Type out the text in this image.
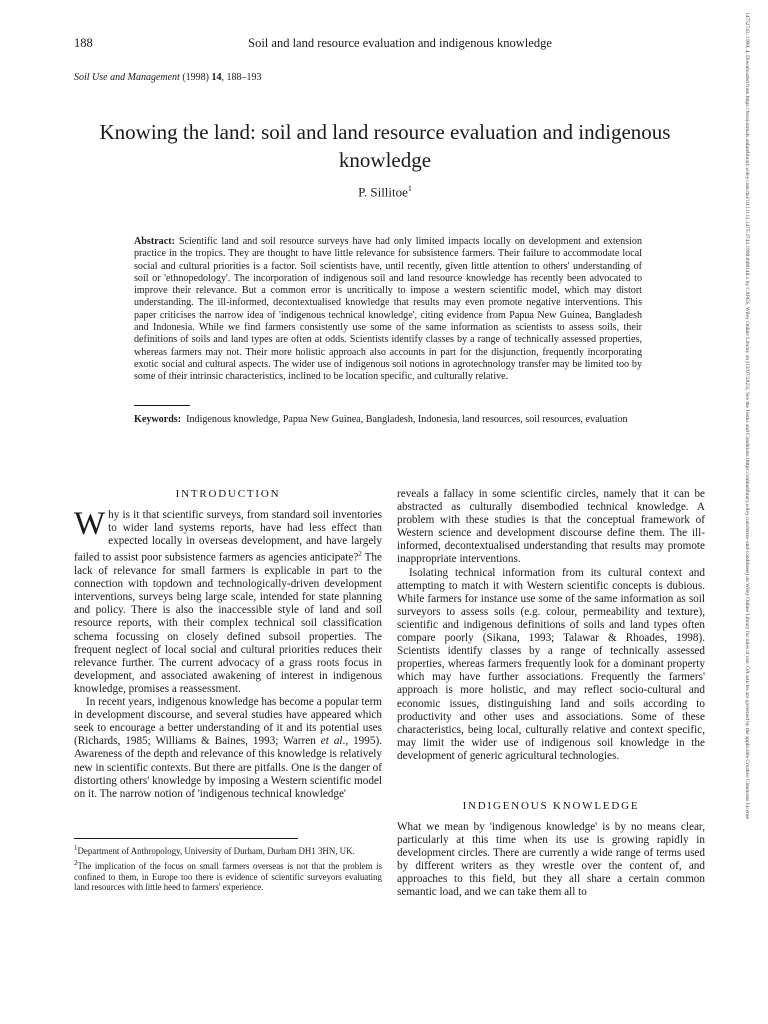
188	Soil and land resource evaluation and indigenous knowledge
Soil Use and Management (1998) 14, 188–193
Knowing the land: soil and land resource evaluation and indigenous knowledge
P. Sillitoe$^1$
Abstract: Scientific land and soil resource surveys have had only limited impacts locally on development and extension practice in the tropics. They are thought to have little relevance for subsistence farmers. Their failure to accommodate local social and cultural priorities is a factor. Soil scientists have, until recently, given little attention to others' understanding of soil or 'ethnopedology'. The incorporation of indigenous soil and land resource knowledge has recently been advocated to improve their relevance. But a common error is uncritically to impose a western scientific model, which may distort understanding. The ill-informed, decontextualised knowledge that results may even promote negative interventions. This paper criticises the narrow idea of 'indigenous technical knowledge', citing evidence from Papua New Guinea, Bangladesh and Indonesia. While we find farmers consistently use some of the same information as scientists to assess soils, their definitions of soils and land types are often at odds. Scientists identify classes by a range of technically assessed properties, whereas farmers may not. Their more holistic approach also accounts in part for the disjunction, frequently incorporating exotic social and cultural aspects. The wider use of indigenous soil notions in agrotechnology transfer may be limited too by some of their intrinsic characteristics, inclined to be location specific, and culturally relative.
Keywords: Indigenous knowledge, Papua New Guinea, Bangladesh, Indonesia, land resources, soil resources, evaluation
INTRODUCTION

Why is it that scientific surveys, from standard soil inventories to wider land systems reports, have had less effect than expected locally in overseas development, and have largely failed to assist poor subsistence farmers as agencies anticipate?$^2$ The lack of relevance for small farmers is explicable in part to the connection with topdown and technologically-driven development interventions, surveys being large scale, intended for state planning and policy. There is also the inaccessible style of land and soil resource reports, with their complex technical soil classification schema focussing on closely defined subsoil properties. The frequent neglect of local social and cultural priorities reduces their relevance further. The current advocacy of a grass roots focus in development, and associated awakening of interest in indigenous knowledge, promises a reassessment.

In recent years, indigenous knowledge has become a popular term in development discourse, and several studies have appeared which seek to encourage a better understanding of it and its potential uses (Richards, 1985; Williams & Baines, 1993; Warren et al., 1995). Awareness of the depth and relevance of this knowledge is relatively new in scientific contexts. But there are pitfalls. One is the danger of distorting others' knowledge by imposing a Western scientific model on it. The narrow notion of 'indigenous technical knowledge'

reveals a fallacy in some scientific circles, namely that it can be abstracted as culturally disembodied technical knowledge. A problem with these studies is that the conceptual framework of Western science and development discourse define them. The ill-informed, decontextualised understanding that results may promote inappropriate interventions.

Isolating technical information from its cultural context and attempting to match it with Western scientific concepts is dubious. While farmers for instance use some of the same information as soil surveyors to assess soils (e.g. colour, permeability and texture), scientific and indigenous definitions of soils and land types often compare poorly (Sikana, 1993; Talawar & Rhoades, 1998). Scientists identify classes by a range of technically assessed properties, whereas farmers frequently look for a dominant property which may have further associations. Frequently the farmers' approach is more holistic, and may reflect socio-cultural and economic issues, distinguishing land and soils according to productivity and other uses and associations. Some of these characteristics, being local, culturally relative and context specific, may limit the wider use of indigenous soil knowledge in the development of generic agricultural technologies.

INDIGENOUS KNOWLEDGE

What we mean by 'indigenous knowledge' is by no means clear, particularly at this time when its use is growing rapidly in development circles. There are currently a wide range of terms used by different writers as they wrestle over the content of, and approaches to this field, but they all share a certain common semantic load, and we can take them all to

$^1$Department of Anthropology, University of Durham, Durham DH1 3HN, UK.

$^2$The implication of the focus on small farmers overseas is not that the problem is confined to them, in Europe too there is evidence of scientific surveyors evaluating land resources with little heed to farmers' experience.

14752743, 1998, 4, Downloaded from https://bsssjournals.onlinelibrary.wiley.com/doi/10.1111/j.1475-2743.1998.tb00148.x by CAPES, Wiley Online Library on [12/07/2023]. See the Terms and Conditions (https://onlinelibrary.wiley.com/terms-and-conditions) on Wiley Online Library for rules of use; OA articles are governed by the applicable Creative Commons License
